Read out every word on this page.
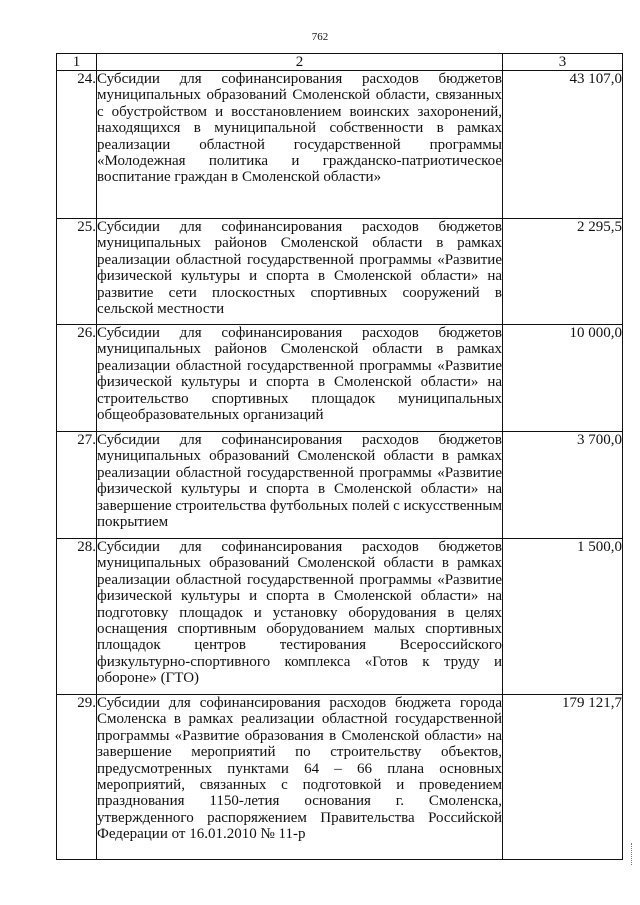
762
1	2	3
24.	Субсидии для софинансирования расходов бюджетов муниципальных образований Смоленской области, связанных с обустройством и восстановлением воинских захоронений, находящихся в муниципальной собственности в рамках реализации областной государственной программы «Молодежная политика и гражданско-патриотическое воспитание граждан в Смоленской области»	43 107,0
25.	Субсидии для софинансирования расходов бюджетов муниципальных районов Смоленской области в рамках реализации областной государственной программы «Развитие физической культуры и спорта в Смоленской области» на развитие сети плоскостных спортивных сооружений в сельской местности	2 295,5
26.	Субсидии для софинансирования расходов бюджетов муниципальных районов Смоленской области в рамках реализации областной государственной программы «Развитие физической культуры и спорта в Смоленской области» на строительство спортивных площадок муниципальных общеобразовательных организаций	10 000,0
27.	Субсидии для софинансирования расходов бюджетов муниципальных образований Смоленской области в рамках реализации областной государственной программы «Развитие физической культуры и спорта в Смоленской области» на завершение строительства футбольных полей с искусственным покрытием	3 700,0
28.	Субсидии для софинансирования расходов бюджетов муниципальных образований Смоленской области в рамках реализации областной государственной программы «Развитие физической культуры и спорта в Смоленской области» на подготовку площадок и установку оборудования в целях оснащения спортивным оборудованием малых спортивных площадок центров тестирования Всероссийского физкультурно-спортивного комплекса «Готов к труду и обороне» (ГТО)	1 500,0
29.	Субсидии для софинансирования расходов бюджета города Смоленска в рамках реализации областной государственной программы «Развитие образования в Смоленской области» на завершение мероприятий по строительству объектов, предусмотренных пунктами 64 – 66 плана основных мероприятий, связанных с подготовкой и проведением празднования 1150-летия основания г. Смоленска, утвержденного распоряжением Правительства Российской Федерации от 16.01.2010 № 11-р	179 121,7
